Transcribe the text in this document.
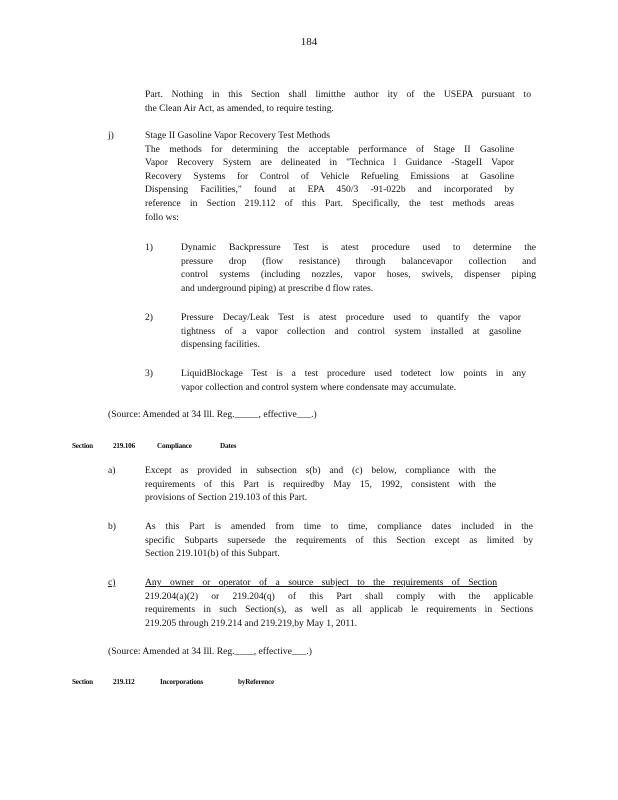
184
Part. Nothing in this Section shall limitthe author ity of the USEPA pursuant to
the Clean Air Act, as amended, to require testing.
j)	Stage II Gasoline Vapor Recovery Test Methods
The methods for determining the acceptable performance of Stage II Gasoline
Vapor Recovery System are delineated in "Technica l Guidance -StageII Vapor
Recovery Systems for Control of Vehicle Refueling Emissions at Gasoline
Dispensing Facilities," found at EPA 450/3 -91-022b and incorporated by
reference in Section 219.112 of this Part. Specifically, the test methods areas
follo ws:
1)	Dynamic Backpressure Test is atest procedure used to determine the
pressure drop (flow resistance) through balancevapor collection and
control systems (including nozzles, vapor hoses, swivels, dispenser piping
and underground piping) at prescribe d flow rates.
2)	Pressure Decay/Leak Test is atest procedure used to quantify the vapor
tightness of a vapor collection and control system installed at gasoline
dispensing facilities.
3)	LiquidBlockage Test is a test procedure used todetect low points in any
vapor collection and control system where condensate may accumulate.
(Source: Amended at 34 Ill. Reg._____, effective___.)
Section	219.106	Compliance	Dates
a)	Except as provided in subsection s(b) and (c) below, compliance with the
requirements of this Part is requiredby May 15, 1992, consistent with the
provisions of Section 219.103 of this Part.
b)	As this Part is amended from time to time, compliance dates included in the
specific Subparts supersede the requirements of this Section except as limited by
Section 219.101(b) of this Subpart.
c)	Any owner or operator of a source subject to the requirements of Section
219.204(a)(2) or 219.204(q) of this Part shall comply with the applicable
requirements in such Section(s), as well as all applicab le requirements in Sections
219.205 through 219.214 and 219.219,by May 1, 2011.
(Source: Amended at 34 Ill. Reg.____, effective___.)
Section	219.112	Incorporations	byReference
